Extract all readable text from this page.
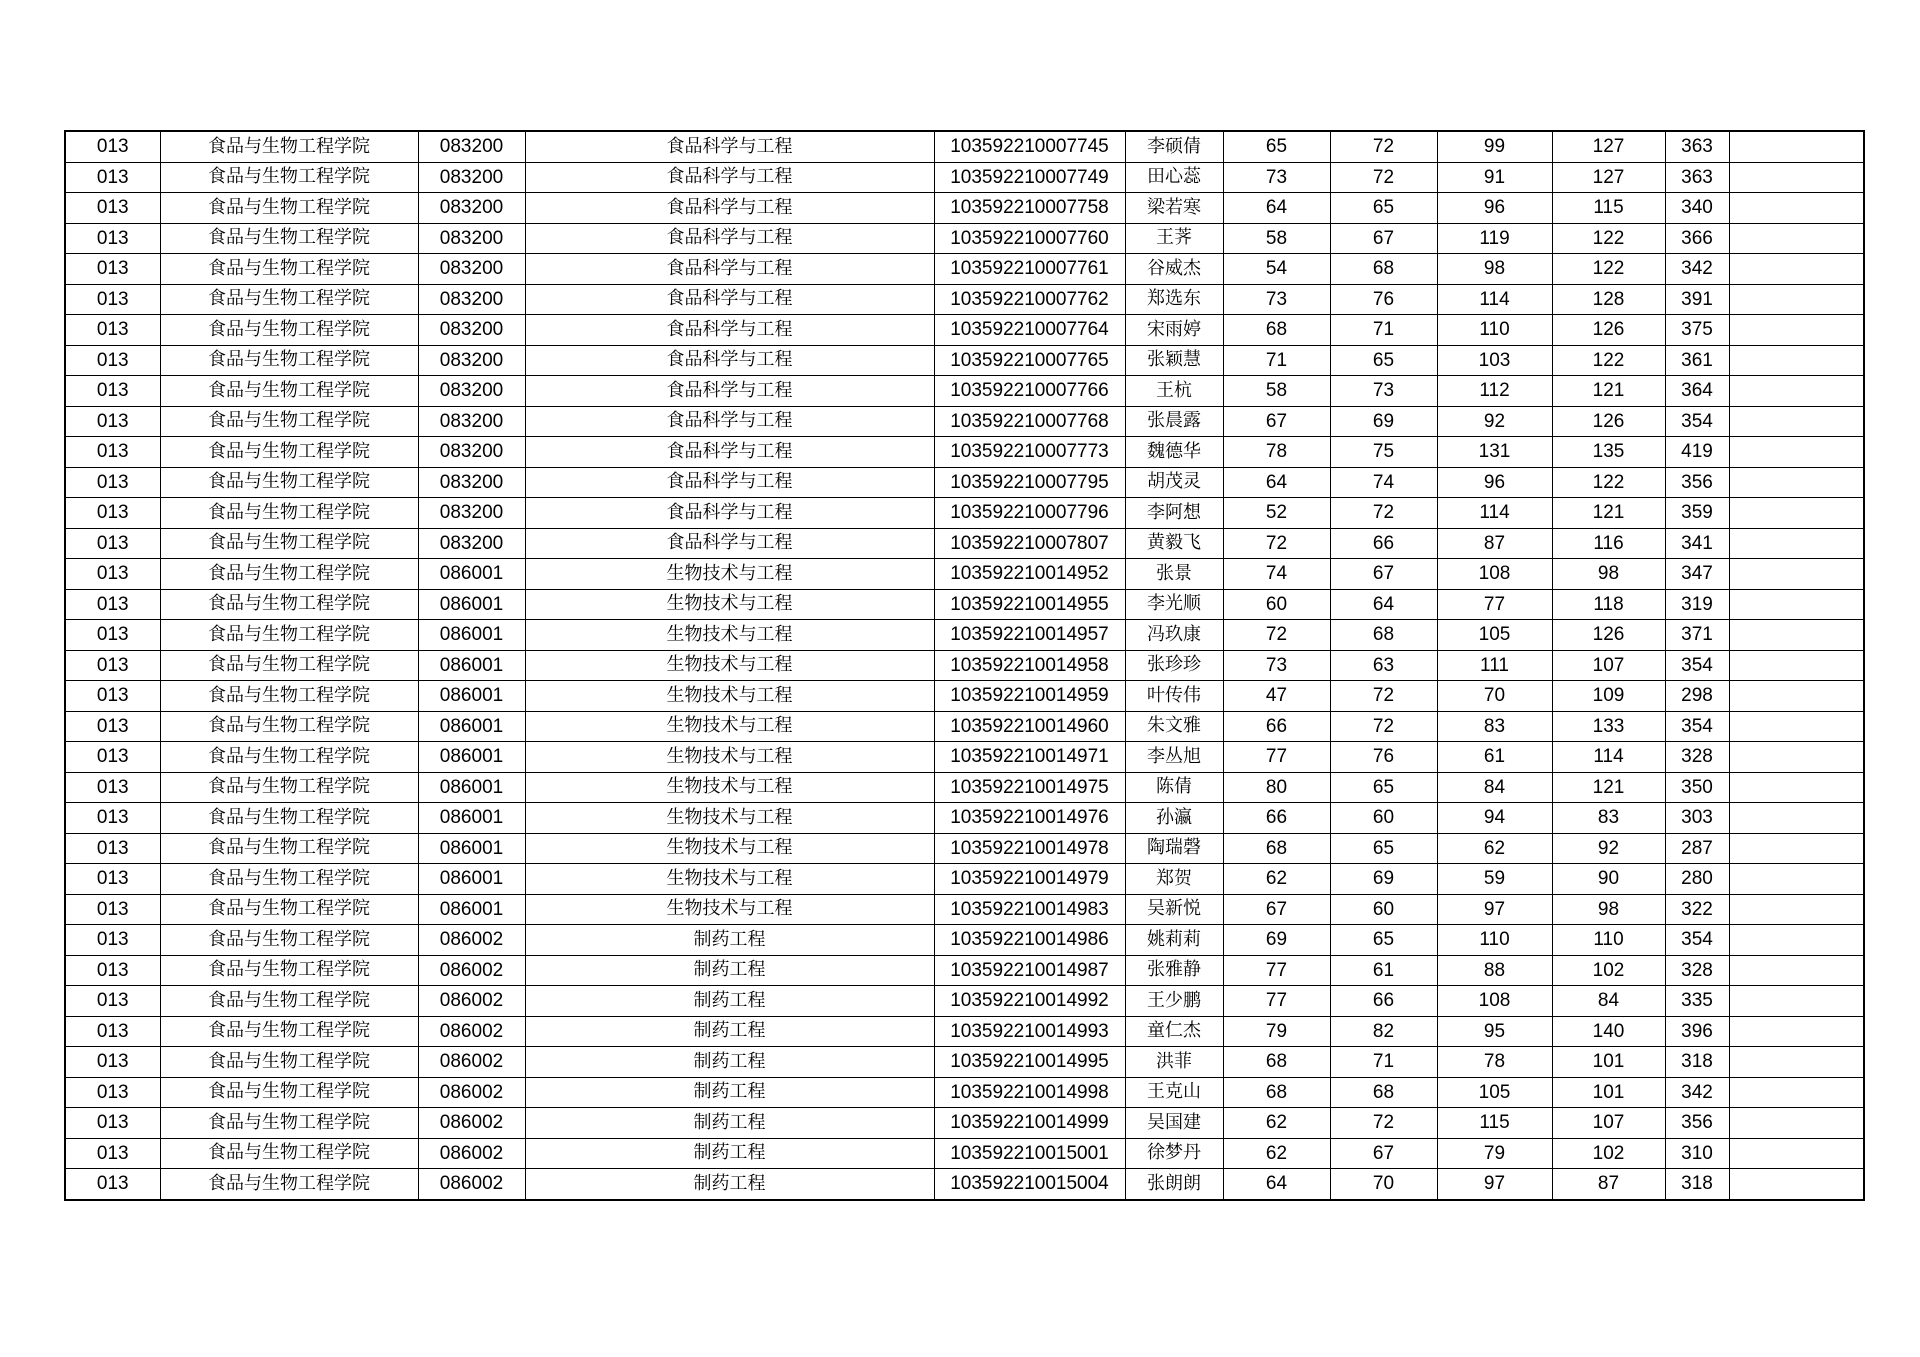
013	食品与生物工程学院	083200	食品科学与工程	103592210007745	李硕倩	65	72	99	127	363	
013	食品与生物工程学院	083200	食品科学与工程	103592210007749	田心蕊	73	72	91	127	363	
013	食品与生物工程学院	083200	食品科学与工程	103592210007758	梁若寒	64	65	96	115	340	
013	食品与生物工程学院	083200	食品科学与工程	103592210007760	王荠	58	67	119	122	366	
013	食品与生物工程学院	083200	食品科学与工程	103592210007761	谷威杰	54	68	98	122	342	
013	食品与生物工程学院	083200	食品科学与工程	103592210007762	郑选东	73	76	114	128	391	
013	食品与生物工程学院	083200	食品科学与工程	103592210007764	宋雨婷	68	71	110	126	375	
013	食品与生物工程学院	083200	食品科学与工程	103592210007765	张颖慧	71	65	103	122	361	
013	食品与生物工程学院	083200	食品科学与工程	103592210007766	王杭	58	73	112	121	364	
013	食品与生物工程学院	083200	食品科学与工程	103592210007768	张晨露	67	69	92	126	354	
013	食品与生物工程学院	083200	食品科学与工程	103592210007773	魏德华	78	75	131	135	419	
013	食品与生物工程学院	083200	食品科学与工程	103592210007795	胡茂灵	64	74	96	122	356	
013	食品与生物工程学院	083200	食品科学与工程	103592210007796	李阿想	52	72	114	121	359	
013	食品与生物工程学院	083200	食品科学与工程	103592210007807	黄毅飞	72	66	87	116	341	
013	食品与生物工程学院	086001	生物技术与工程	103592210014952	张景	74	67	108	98	347	
013	食品与生物工程学院	086001	生物技术与工程	103592210014955	李光顺	60	64	77	118	319	
013	食品与生物工程学院	086001	生物技术与工程	103592210014957	冯玖康	72	68	105	126	371	
013	食品与生物工程学院	086001	生物技术与工程	103592210014958	张珍珍	73	63	111	107	354	
013	食品与生物工程学院	086001	生物技术与工程	103592210014959	叶传伟	47	72	70	109	298	
013	食品与生物工程学院	086001	生物技术与工程	103592210014960	朱文雅	66	72	83	133	354	
013	食品与生物工程学院	086001	生物技术与工程	103592210014971	李丛旭	77	76	61	114	328	
013	食品与生物工程学院	086001	生物技术与工程	103592210014975	陈倩	80	65	84	121	350	
013	食品与生物工程学院	086001	生物技术与工程	103592210014976	孙瀛	66	60	94	83	303	
013	食品与生物工程学院	086001	生物技术与工程	103592210014978	陶瑞磬	68	65	62	92	287	
013	食品与生物工程学院	086001	生物技术与工程	103592210014979	郑贺	62	69	59	90	280	
013	食品与生物工程学院	086001	生物技术与工程	103592210014983	吴新悦	67	60	97	98	322	
013	食品与生物工程学院	086002	制药工程	103592210014986	姚莉莉	69	65	110	110	354	
013	食品与生物工程学院	086002	制药工程	103592210014987	张雅静	77	61	88	102	328	
013	食品与生物工程学院	086002	制药工程	103592210014992	王少鹏	77	66	108	84	335	
013	食品与生物工程学院	086002	制药工程	103592210014993	童仁杰	79	82	95	140	396	
013	食品与生物工程学院	086002	制药工程	103592210014995	洪菲	68	71	78	101	318	
013	食品与生物工程学院	086002	制药工程	103592210014998	王克山	68	68	105	101	342	
013	食品与生物工程学院	086002	制药工程	103592210014999	吴国建	62	72	115	107	356	
013	食品与生物工程学院	086002	制药工程	103592210015001	徐梦丹	62	67	79	102	310	
013	食品与生物工程学院	086002	制药工程	103592210015004	张朗朗	64	70	97	87	318	
